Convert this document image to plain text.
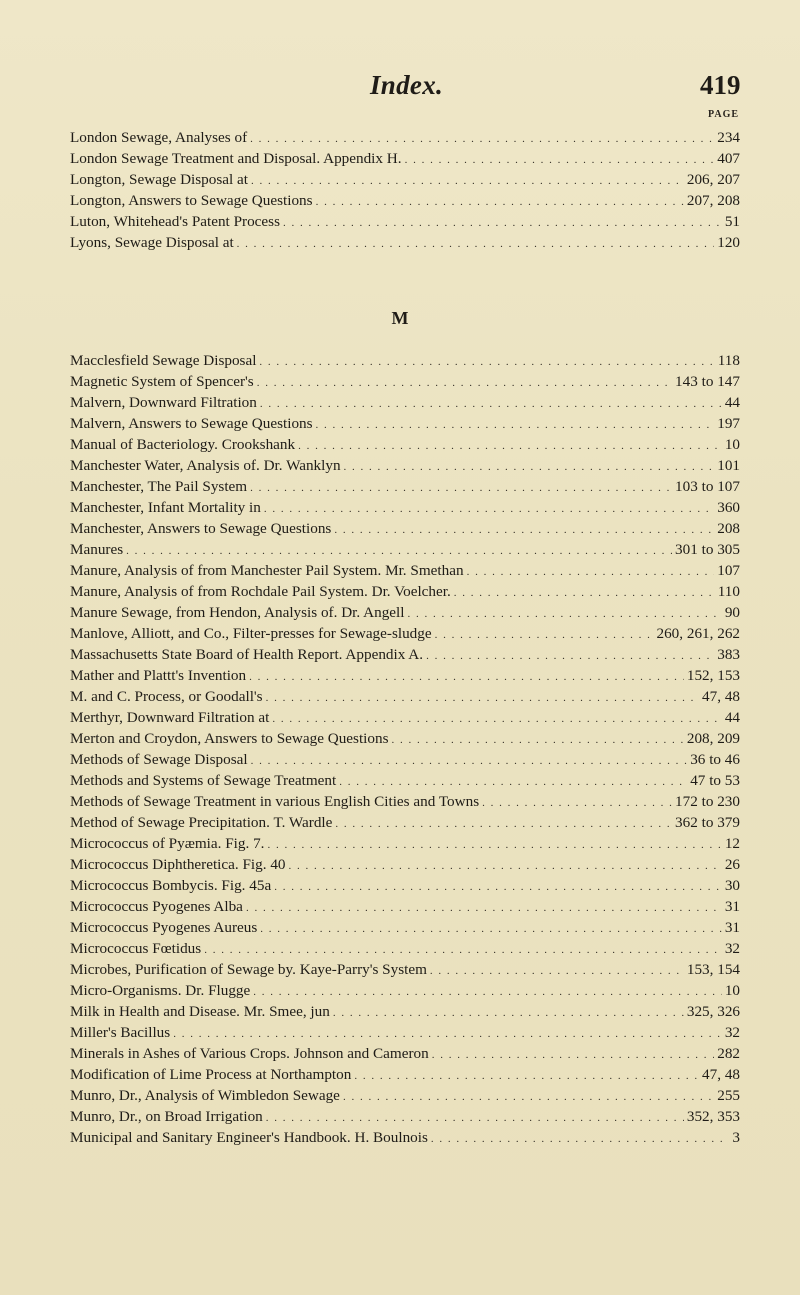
Index.	419
PAGE
London Sewage, Analyses of . . .	234
London Sewage Treatment and Disposal. Appendix H. . . .	407
Longton, Sewage Disposal at . . .	206, 207
Longton, Answers to Sewage Questions . . .	207, 208
Luton, Whitehead's Patent Process . . .	51
Lyons, Sewage Disposal at . . .	120
M
Macclesfield Sewage Disposal . . .	118
Magnetic System of Spencer's . . .	143 to 147
Malvern, Downward Filtration . . .	44
Malvern, Answers to Sewage Questions . . .	197
Manual of Bacteriology. Crookshank . . .	10
Manchester Water, Analysis of. Dr. Wanklyn . . .	101
Manchester, The Pail System . . .	103 to 107
Manchester, Infant Mortality in . . .	360
Manchester, Answers to Sewage Questions . . .	208
Manures . . .	301 to 305
Manure, Analysis of from Manchester Pail System. Mr. Smethan . . .	107
Manure, Analysis of from Rochdale Pail System. Dr. Voelcher. . . .	110
Manure Sewage, from Hendon, Analysis of. Dr. Angell . . .	90
Manlove, Alliott, and Co., Filter-presses for Sewage-sludge . . .	260, 261, 262
Massachusetts State Board of Health Report. Appendix A. . . .	383
Mather and Plattt's Invention . . .	152, 153
M. and C. Process, or Goodall's . . .	47, 48
Merthyr, Downward Filtration at . . .	44
Merton and Croydon, Answers to Sewage Questions . . .	208, 209
Methods of Sewage Disposal . . .	36 to 46
Methods and Systems of Sewage Treatment . . .	47 to 53
Methods of Sewage Treatment in various English Cities and Towns . . .	172 to 230
Method of Sewage Precipitation. T. Wardle . . .	362 to 379
Micrococcus of Pyæmia. Fig. 7. . . .	12
Micrococcus Diphtheretica. Fig. 40 . . .	26
Micrococcus Bombycis. Fig. 45a . . .	30
Micrococcus Pyogenes Alba . . .	31
Micrococcus Pyogenes Aureus . . .	31
Micrococcus Fœtidus . . .	32
Microbes, Purification of Sewage by. Kaye-Parry's System . . .	153, 154
Micro-Organisms. Dr. Flugge . . .	10
Milk in Health and Disease. Mr. Smee, jun . . .	325, 326
Miller's Bacillus . . .	32
Minerals in Ashes of Various Crops. Johnson and Cameron . . .	282
Modification of Lime Process at Northampton . . .	47, 48
Munro, Dr., Analysis of Wimbledon Sewage . . .	255
Munro, Dr., on Broad Irrigation . . .	352, 353
Municipal and Sanitary Engineer's Handbook. H. Boulnois . . .	3
